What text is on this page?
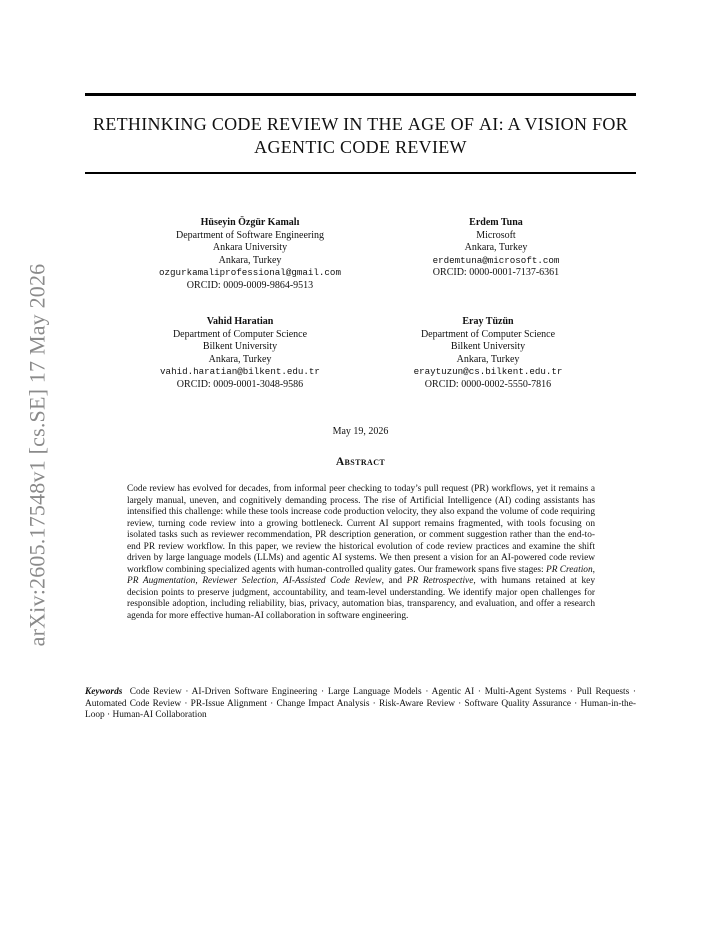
arXiv:2605.17548v1 [cs.SE] 17 May 2026
RETHINKING CODE REVIEW IN THE AGE OF AI: A VISION FOR
AGENTIC CODE REVIEW
Hüseyin Özgür Kamalı
Department of Software Engineering
Ankara University
Ankara, Turkey
ozgurkamaliprofessional@gmail.com
ORCID: 0009-0009-9864-9513
Erdem Tuna
Microsoft
Ankara, Turkey
erdemtuna@microsoft.com
ORCID: 0000-0001-7137-6361
Vahid Haratian
Department of Computer Science
Bilkent University
Ankara, Turkey
vahid.haratian@bilkent.edu.tr
ORCID: 0009-0001-3048-9586
Eray Tüzün
Department of Computer Science
Bilkent University
Ankara, Turkey
eraytuzun@cs.bilkent.edu.tr
ORCID: 0000-0002-5550-7816
May 19, 2026
Abstract

Code review has evolved for decades, from informal peer checking to today’s pull request (PR) workflows, yet it remains a largely manual, uneven, and cognitively demanding process. The rise of Artificial Intelligence (AI) coding assistants has intensified this challenge: while these tools increase code production velocity, they also expand the volume of code requiring review, turning code review into a growing bottleneck. Current AI support remains fragmented, with tools focusing on isolated tasks such as reviewer recommendation, PR description generation, or comment suggestion rather than the end-to-end PR review workflow. In this paper, we review the historical evolution of code review practices and examine the shift driven by large language models (LLMs) and agentic AI systems. We then present a vision for an AI-powered code review workflow combining specialized agents with human-controlled quality gates. Our framework spans five stages: PR Creation, PR Augmentation, Reviewer Selection, AI-Assisted Code Review, and PR Retrospective, with humans retained at key decision points to preserve judgment, accountability, and team-level understanding. We identify major open challenges for responsible adoption, including reliability, bias, privacy, automation bias, transparency, and evaluation, and offer a research agenda for more effective human-AI collaboration in software engineering.

Keywords Code Review · AI-Driven Software Engineering · Large Language Models · Agentic AI · Multi-Agent Systems · Pull Requests · Automated Code Review · PR-Issue Alignment · Change Impact Analysis · Risk-Aware Review · Software Quality Assurance · Human-in-the-Loop · Human-AI Collaboration
